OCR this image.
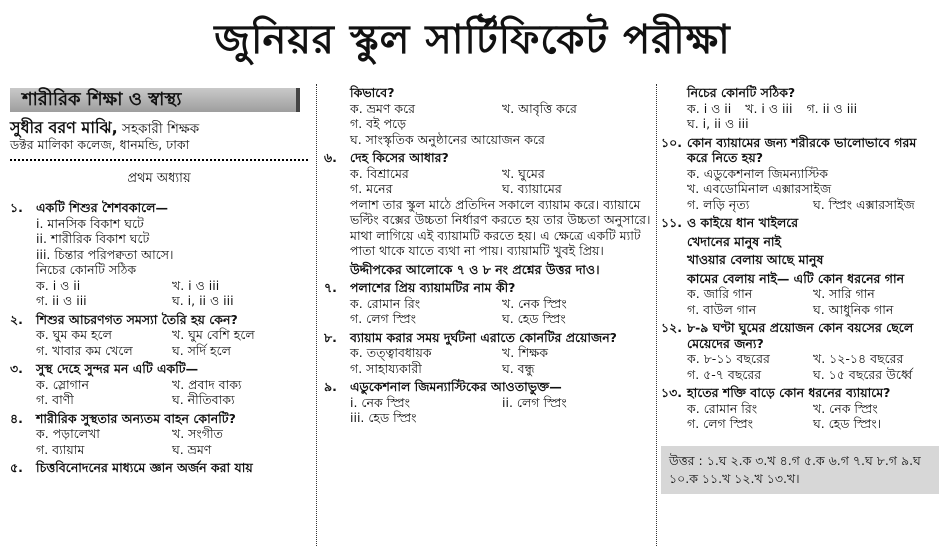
জুনিয়র স্কুল সার্টিফিকেট পরীক্ষা
শারীরিক শিক্ষা ও স্বাস্থ্য
সুধীর বরণ মাঝি, সহকারী শিক্ষক
ডক্টর মালিকা কলেজ, ধানমন্ডি, ঢাকা
প্রথম অধ্যায়
১. একটি শিশুর শৈশবকালে—
i. মানসিক বিকাশ ঘটে
ii. শারীরিক বিকাশ ঘটে
iii. চিন্তার পরিপক্বতা আসে।
নিচের কোনটি সঠিক
ক. i ও ii	খ. i ও iii
গ. ii ও iii	ঘ. i, ii ও iii
২. শিশুর আচরণগত সমস্যা তৈরি হয় কেন?
ক. ঘুম কম হলে	খ. ঘুম বেশি হলে
গ. খাবার কম খেলে	ঘ. সর্দি হলে
৩. সুস্থ দেহে সুন্দর মন এটি একটি—
ক. স্লোগান	খ. প্রবাদ বাক্য
গ. বাণী	ঘ. নীতিবাক্য
৪. শারীরিক সুস্থতার অন্যতম বাহন কোনটি?
ক. পড়ালেখা	খ. সংগীত
গ. ব্যায়াম	ঘ. ভ্রমণ
৫. চিত্তবিনোদনের মাধ্যমে জ্ঞান অর্জন করা যায়
কিভাবে?
ক. ভ্রমণ করে	খ. আবৃত্তি করে
গ. বই পড়ে
ঘ. সাংস্কৃতিক অনুষ্ঠানের আয়োজন করে
৬. দেহ কিসের আধার?
ক. বিশ্রামের	খ. ঘুমের
গ. মনের	ঘ. ব্যায়ামের
পলাশ তার স্কুল মাঠে প্রতিদিন সকালে ব্যায়াম করে। ব্যায়ামে ভল্টিং বক্সের উচ্চতা নির্ধারণ করতে হয় তার উচ্চতা অনুসারে। মাথা লাগিয়ে এই ব্যায়ামটি করতে হয়। এ ক্ষেত্রে একটি ম্যাট পাতা থাকে যাতে ব্যথা না পায়। ব্যায়ামটি খুবই প্রিয়।
উদ্দীপকের আলোকে ৭ ও ৮ নং প্রশ্নের উত্তর দাও।
৭. পলাশের প্রিয় ব্যায়ামটির নাম কী?
ক. রোমান রিং	খ. নেক স্প্রিং
গ. লেগ স্প্রিং	ঘ. হেড স্প্রিং
৮.	ব্যায়াম করার সময় দুর্ঘটনা এরাতে কোনটির প্রয়োজন?
ক. তত্ত্বাবধায়ক	খ. শিক্ষক
গ. সাহায্যকারী	ঘ. বন্ধু
৯. এডুকেশনাল জিমন্যাস্টিকের আওতাভুক্ত—
i. নেক স্প্রিং	ii. লেগ স্প্রিং
iii. হেড স্প্রিং
নিচের কোনটি সঠিক?
ক. i ও ii	খ. i ও iii	গ. ii ও iii
ঘ. i, ii ও iii
১০. কোন ব্যায়ামের জন্য শরীরকে ভালোভাবে গরম করে নিতে হয়?
ক. এডুকেশনাল জিমন্যাস্টিক
খ. এবডোমিনাল এক্সারসাইজ
গ. লড়ি নৃত্য	ঘ. স্প্রিং এক্সারসাইজ
১১. ও কাইয়ে ধান খাইলরে
খেদানের মানুষ নাই
খাওয়ার বেলায় আছে মানুষ
কামের বেলায় নাই— এটি কোন ধরনের গান
ক. জারি গান	খ. সারি গান
গ. বাউল গান	ঘ. আধুনিক গান
১২. ৮-৯ ঘণ্টা ঘুমের প্রয়োজন কোন বয়সের ছেলে মেয়েদের জন্য?
ক. ৮-১১ বছরের	খ. ১২-১৪ বছরের
গ. ৫-৭ বছরের	ঘ. ১৫ বছরের উর্ধ্বে
১৩. হাতের শক্তি বাড়ে কোন ধরনের ব্যায়ামে?
ক. রোমান রিং	খ. নেক স্প্রিং
গ. লেগ স্প্রিং	ঘ. হেড স্প্রিং।
উত্তর : ১.ঘ ২.ক ৩.খ ৪.গ ৫.ক ৬.গ ৭.ঘ ৮.গ ৯.ঘ ১০.ক ১১.খ ১২.খ ১৩.খ।
